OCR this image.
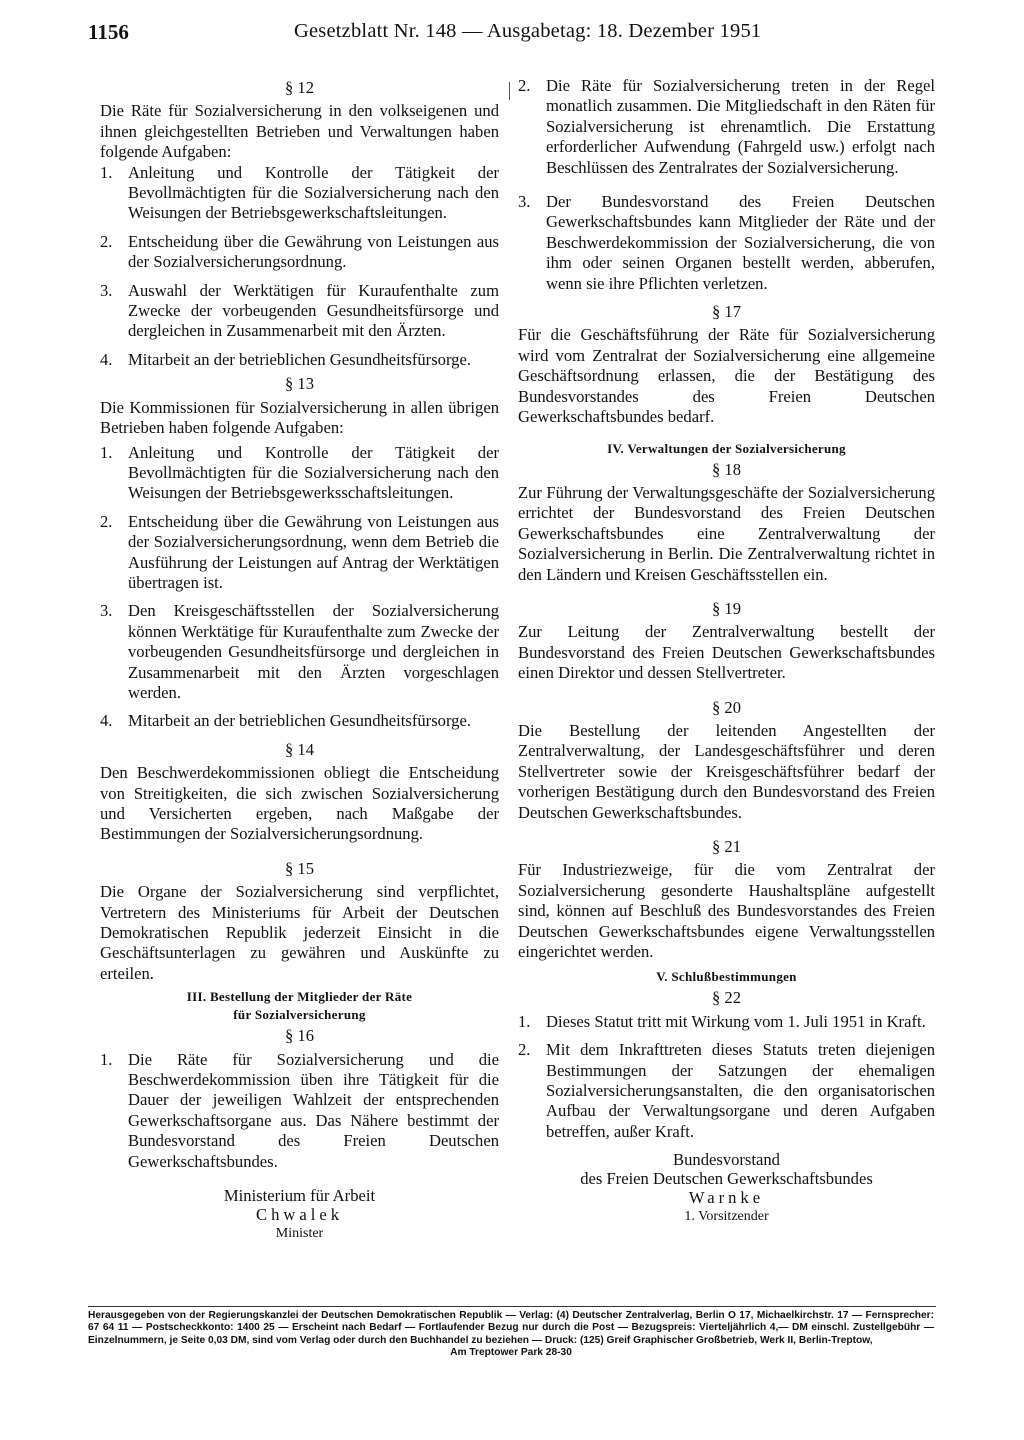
1156	Gesetzblatt Nr. 148 — Ausgabetag: 18. Dezember 1951
§ 12

Die Räte für Sozialversicherung in den volkseigenen und ihnen gleichgestellten Betrieben und Verwaltungen haben folgende Aufgaben:

1. Anleitung und Kontrolle der Tätigkeit der Bevollmächtigten für die Sozialversicherung nach den Weisungen der Betriebsgewerkschaftsleitungen.
2. Entscheidung über die Gewährung von Leistungen aus der Sozialversicherungsordnung.
3. Auswahl der Werktätigen für Kuraufenthalte zum Zwecke der vorbeugenden Gesundheitsfürsorge und dergleichen in Zusammenarbeit mit den Ärzten.
4. Mitarbeit an der betrieblichen Gesundheitsfürsorge.
§ 13

Die Kommissionen für Sozialversicherung in allen übrigen Betrieben haben folgende Aufgaben:

1. Anleitung und Kontrolle der Tätigkeit der Bevollmächtigten für die Sozialversicherung nach den Weisungen der Betriebsgewerksschaftsleitungen.
2. Entscheidung über die Gewährung von Leistungen aus der Sozialversicherungsordnung, wenn dem Betrieb die Ausführung der Leistungen auf Antrag der Werktätigen übertragen ist.
3. Den Kreisgeschäftsstellen der Sozialversicherung können Werktätige für Kuraufenthalte zum Zwecke der vorbeugenden Gesundheitsfürsorge und dergleichen in Zusammenarbeit mit den Ärzten vorgeschlagen werden.
4. Mitarbeit an der betrieblichen Gesundheitsfürsorge.
§ 14

Den Beschwerdekommissionen obliegt die Entscheidung von Streitigkeiten, die sich zwischen Sozialversicherung und Versicherten ergeben, nach Maßgabe der Bestimmungen der Sozialversicherungsordnung.

§ 15

Die Organe der Sozialversicherung sind verpflichtet, Vertretern des Ministeriums für Arbeit der Deutschen Demokratischen Republik jederzeit Einsicht in die Geschäftsunterlagen zu gewähren und Auskünfte zu erteilen.

III. Bestellung der Mitglieder der Räte
für Sozialversicherung
§ 16
1. Die Räte für Sozialversicherung und die Beschwerdekommission üben ihre Tätigkeit für die Dauer der jeweiligen Wahlzeit der entsprechenden Gewerkschaftsorgane aus. Das Nähere bestimmt der Bundesvorstand des Freien Deutschen Gewerkschaftsbundes.
Ministerium für Arbeit
Chwalek
Minister
2. Die Räte für Sozialversicherung treten in der Regel monatlich zusammen. Die Mitgliedschaft in den Räten für Sozialversicherung ist ehrenamtlich. Die Erstattung erforderlicher Aufwendung (Fahrgeld usw.) erfolgt nach Beschlüssen des Zentralrates der Sozialversicherung.
3. Der Bundesvorstand des Freien Deutschen Gewerkschaftsbundes kann Mitglieder der Räte und der Beschwerdekommission der Sozialversicherung, die von ihm oder seinen Organen bestellt werden, abberufen, wenn sie ihre Pflichten verletzen.
§ 17

Für die Geschäftsführung der Räte für Sozialversicherung wird vom Zentralrat der Sozialversicherung eine allgemeine Geschäftsordnung erlassen, die der Bestätigung des Bundesvorstandes des Freien Deutschen Gewerkschaftsbundes bedarf.

IV. Verwaltungen der Sozialversicherung
§ 18

Zur Führung der Verwaltungsgeschäfte der Sozialversicherung errichtet der Bundesvorstand des Freien Deutschen Gewerkschaftsbundes eine Zentralverwaltung der Sozialversicherung in Berlin. Die Zentralverwaltung richtet in den Ländern und Kreisen Geschäftsstellen ein.

§ 19

Zur Leitung der Zentralverwaltung bestellt der Bundesvorstand des Freien Deutschen Gewerkschaftsbundes einen Direktor und dessen Stellvertreter.

§ 20

Die Bestellung der leitenden Angestellten der Zentralverwaltung, der Landesgeschäftsführer und deren Stellvertreter sowie der Kreisgeschäftsführer bedarf der vorherigen Bestätigung durch den Bundesvorstand des Freien Deutschen Gewerkschaftsbundes.

§ 21

Für Industriezweige, für die vom Zentralrat der Sozialversicherung gesonderte Haushaltspläne aufgestellt sind, können auf Beschluß des Bundesvorstandes des Freien Deutschen Gewerkschaftsbundes eigene Verwaltungsstellen eingerichtet werden.

V. Schlußbestimmungen
§ 22
1. Dieses Statut tritt mit Wirkung vom 1. Juli 1951 in Kraft.
2. Mit dem Inkrafttreten dieses Statuts treten diejenigen Bestimmungen der Satzungen der ehemaligen Sozialversicherungsanstalten, die den organisatorischen Aufbau der Verwaltungsorgane und deren Aufgaben betreffen, außer Kraft.
Bundesvorstand
des Freien Deutschen Gewerkschaftsbundes
Warnke
1. Vorsitzender
Herausgegeben von der Regierungskanzlei der Deutschen Demokratischen Republik — Verlag: (4) Deutscher Zentralverlag, Berlin O 17, Michaelkirchstr. 17 — Fernsprecher: 67 64 11 — Postscheckkonto: 1400 25 — Erscheint nach Bedarf — Fortlaufender Bezug nur durch die Post — Bezugspreis: Vierteljährlich 4,— DM einschl. Zustellgebühr — Einzelnummern, je Seite 0,03 DM, sind vom Verlag oder durch den Buchhandel zu beziehen — Druck: (125) Greif Graphischer Großbetrieb, Werk II, Berlin-Treptow,
Am Treptower Park 28-30
